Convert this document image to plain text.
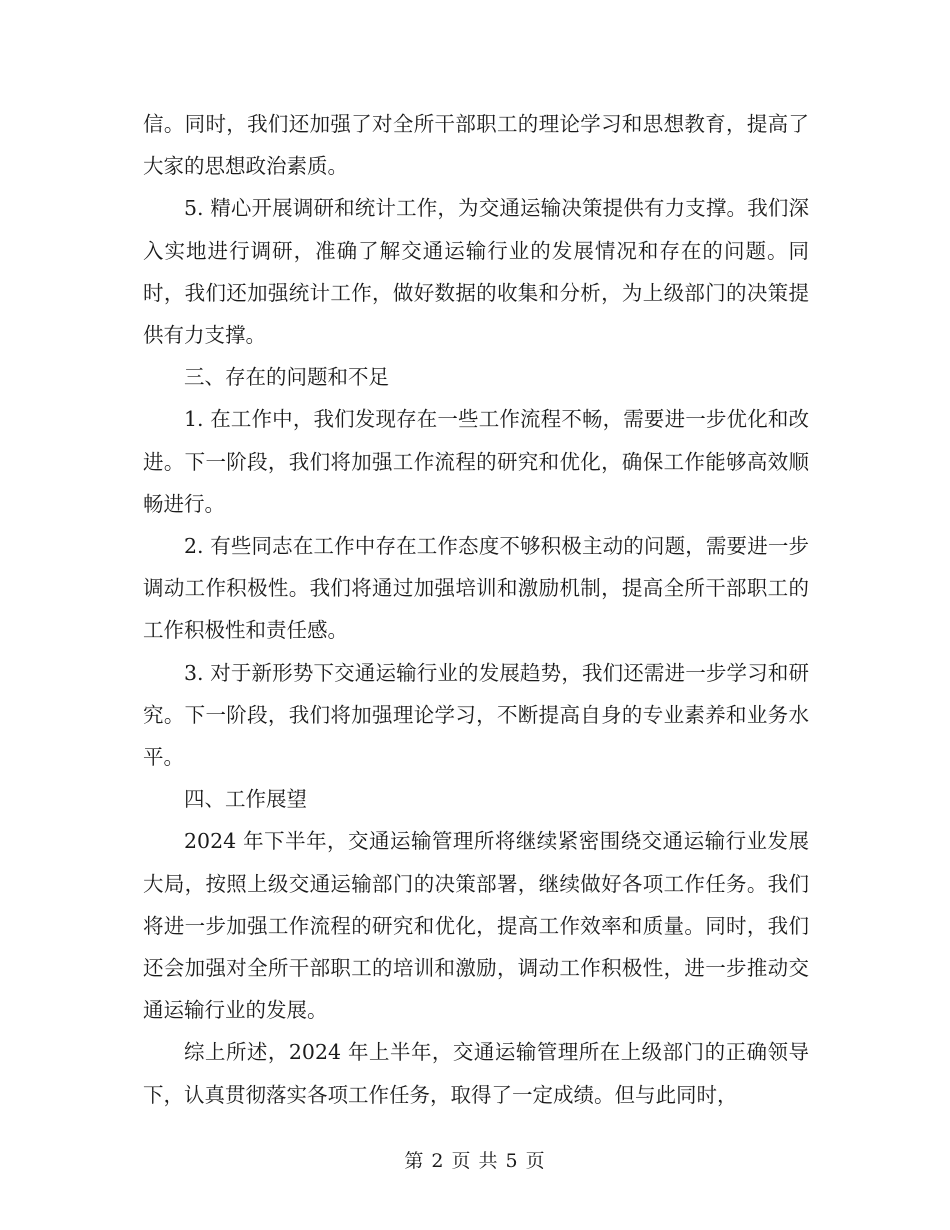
信。同时，我们还加强了对全所干部职工的理论学习和思想教育，提高了大家的思想政治素质。

5. 精心开展调研和统计工作，为交通运输决策提供有力支撑。我们深入实地进行调研，准确了解交通运输行业的发展情况和存在的问题。同时，我们还加强统计工作，做好数据的收集和分析，为上级部门的决策提供有力支撑。

三、存在的问题和不足

1. 在工作中，我们发现存在一些工作流程不畅，需要进一步优化和改进。下一阶段，我们将加强工作流程的研究和优化，确保工作能够高效顺畅进行。

2. 有些同志在工作中存在工作态度不够积极主动的问题，需要进一步调动工作积极性。我们将通过加强培训和激励机制，提高全所干部职工的工作积极性和责任感。

3. 对于新形势下交通运输行业的发展趋势，我们还需进一步学习和研究。下一阶段，我们将加强理论学习，不断提高自身的专业素养和业务水平。

四、工作展望

2024 年下半年，交通运输管理所将继续紧密围绕交通运输行业发展大局，按照上级交通运输部门的决策部署，继续做好各项工作任务。我们将进一步加强工作流程的研究和优化，提高工作效率和质量。同时，我们还会加强对全所干部职工的培训和激励，调动工作积极性，进一步推动交通运输行业的发展。

综上所述，2024 年上半年，交通运输管理所在上级部门的正确领导下，认真贯彻落实各项工作任务，取得了一定成绩。但与此同时，

第 2 页 共 5 页
